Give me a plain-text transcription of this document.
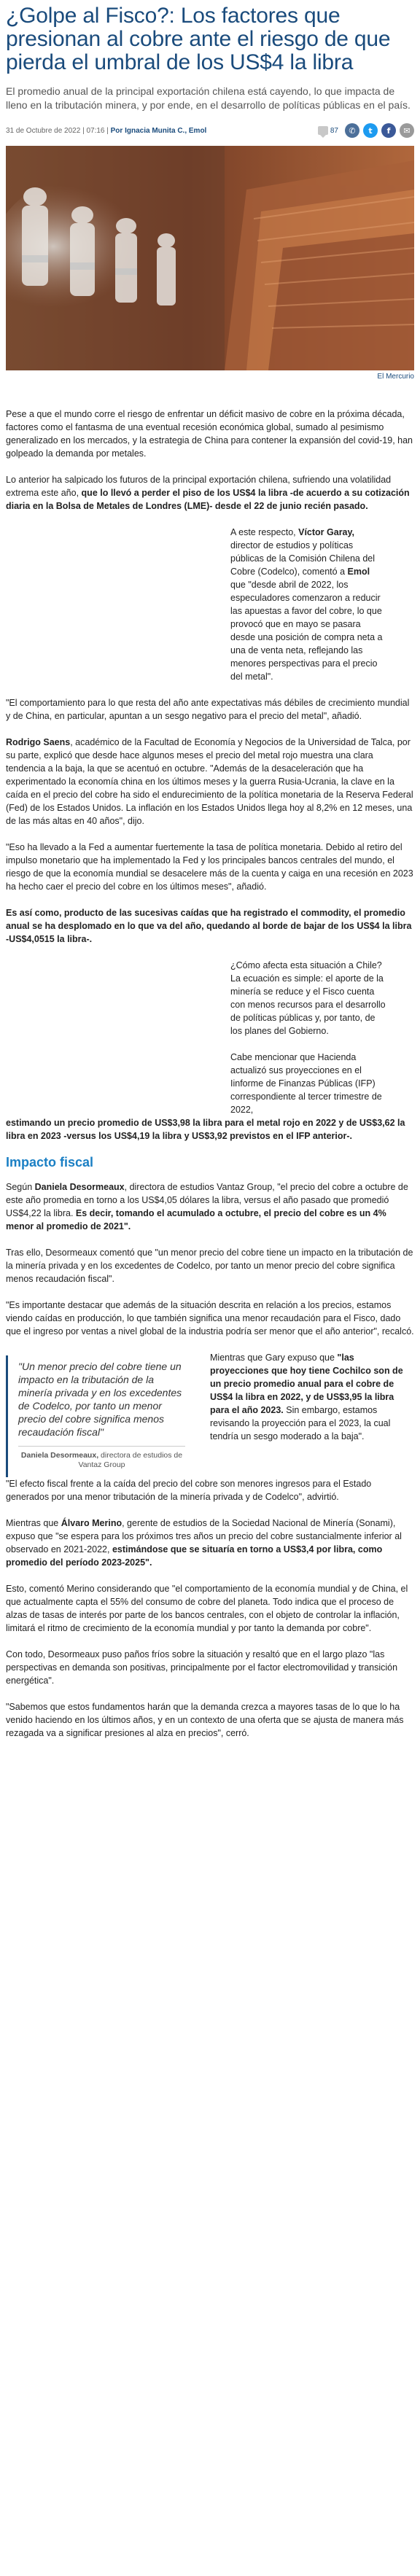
¿Golpe al Fisco?: Los factores que presionan al cobre ante el riesgo de que pierda el umbral de los US$4 la libra

El promedio anual de la principal exportación chilena está cayendo, lo que impacta de lleno en la tributación minera, y por ende, en el desarrollo de políticas públicas en el país.

31 de Octubre de 2022 | 07:16 | Por Ignacia Munita C., Emol	87	✆	t	f	✉
El Mercurio

Pese a que el mundo corre el riesgo de enfrentar un déficit masivo de cobre en la próxima década, factores como el fantasma de una eventual recesión económica global, sumado al pesimismo generalizado en los mercados, y la estrategia de China para contener la expansión del covid-19, han golpeado la demanda por metales.

Lo anterior ha salpicado los futuros de la principal exportación chilena, sufriendo una volatilidad extrema este año, que lo llevó a perder el piso de los US$4 la libra -de acuerdo a su cotización diaria en la Bolsa de Metales de Londres (LME)- desde el 22 de junio recién pasado.

A este respecto, Víctor Garay, director de estudios y políticas públicas de la Comisión Chilena del Cobre (Codelco), comentó a Emol que "desde abril de 2022, los especuladores comenzaron a reducir las apuestas a favor del cobre, lo que provocó que en mayo se pasara desde una posición de compra neta a una de venta neta, reflejando las menores perspectivas para el precio del metal".

"El comportamiento para lo que resta del año ante expectativas más débiles de crecimiento mundial y de China, en particular, apuntan a un sesgo negativo para el precio del metal", añadió.

Rodrigo Saens, académico de la Facultad de Economía y Negocios de la Universidad de Talca, por su parte, explicó que desde hace algunos meses el precio del metal rojo muestra una clara tendencia a la baja, la que se acentuó en octubre. "Además de la desaceleración que ha experimentado la economía china en los últimos meses y la guerra Rusia-Ucrania, la clave en la caída en el precio del cobre ha sido el endurecimiento de la política monetaria de la Reserva Federal (Fed) de los Estados Unidos. La inflación en los Estados Unidos llega hoy al 8,2% en 12 meses, una de las más altas en 40 años", dijo.

"Eso ha llevado a la Fed a aumentar fuertemente la tasa de política monetaria. Debido al retiro del impulso monetario que ha implementado la Fed y los principales bancos centrales del mundo, el riesgo de que la economía mundial se desacelere más de la cuenta y caiga en una recesión en 2023 ha hecho caer el precio del cobre en los últimos meses", añadió.

Es así como, producto de las sucesivas caídas que ha registrado el commodity, el promedio anual se ha desplomado en lo que va del año, quedando al borde de bajar de los US$4 la libra -US$4,0515 la libra-.

¿Cómo afecta esta situación a Chile? La ecuación es simple: el aporte de la minería se reduce y el Fisco cuenta con menos recursos para el desarrollo de políticas públicas y, por tanto, de los planes del Gobierno.

Cabe mencionar que Hacienda actualizó sus proyecciones en el Iinforme de Finanzas Públicas (IFP) correspondiente al tercer trimestre de 2022,

estimando un precio promedio de US$3,98 la libra para el metal rojo en 2022 y de US$3,62 la libra en 2023 -versus los US$4,19 la libra y US$3,92 previstos en el IFP anterior-.

Impacto fiscal

Según Daniela Desormeaux, directora de estudios Vantaz Group, "el precio del cobre a octubre de este año promedia en torno a los US$4,05 dólares la libra, versus el año pasado que promedió US$4,22 la libra. Es decir, tomando el acumulado a octubre, el precio del cobre es un 4% menor al promedio de 2021".

Tras ello, Desormeaux comentó que "un menor precio del cobre tiene un impacto en la tributación de la minería privada y en los excedentes de Codelco, por tanto un menor precio del cobre significa menos recaudación fiscal".

"Es importante destacar que además de la situación descrita en relación a los precios, estamos viendo caídas en producción, lo que también significa una menor recaudación para el Fisco, dado que el ingreso por ventas a nivel global de la industria podría ser menor que el año anterior", recalcó.

"Un menor precio del cobre tiene un impacto en la tributación de la minería privada y en los excedentes de Codelco, por tanto un menor precio del cobre significa menos recaudación fiscal"
Daniela Desormeaux, directora de estudios de Vantaz Group

Mientras que Gary expuso que "las proyecciones que hoy tiene Cochilco son de un precio promedio anual para el cobre de US$4 la libra en 2022, y de US$3,95 la libra para el año 2023. Sin embargo, estamos revisando la proyección para el 2023, la cual tendría un sesgo moderado a la baja".

"El efecto fiscal frente a la caída del precio del cobre son menores ingresos para el Estado generados por una menor tributación de la minería privada y de Codelco", advirtió.

Mientras que Álvaro Merino, gerente de estudios de la Sociedad Nacional de Minería (Sonami), expuso que "se espera para los próximos tres años un precio del cobre sustancialmente inferior al observado en 2021-2022, estimándose que se situaría en torno a US$3,4 por libra, como promedio del período 2023-2025".

Esto, comentó Merino considerando que "el comportamiento de la economía mundial y de China, el que actualmente capta el 55% del consumo de cobre del planeta. Todo indica que el proceso de alzas de tasas de interés por parte de los bancos centrales, con el objeto de controlar la inflación, limitará el ritmo de crecimiento de la economía mundial y por tanto la demanda por cobre".

Con todo, Desormeaux puso paños fríos sobre la situación y resaltó que en el largo plazo "las perspectivas en demanda son positivas, principalmente por el factor electromovilidad y transición energética".

"Sabemos que estos fundamentos harán que la demanda crezca a mayores tasas de lo que lo ha venido haciendo en los últimos años, y en un contexto de una oferta que se ajusta de manera más rezagada va a significar presiones al alza en precios", cerró.
